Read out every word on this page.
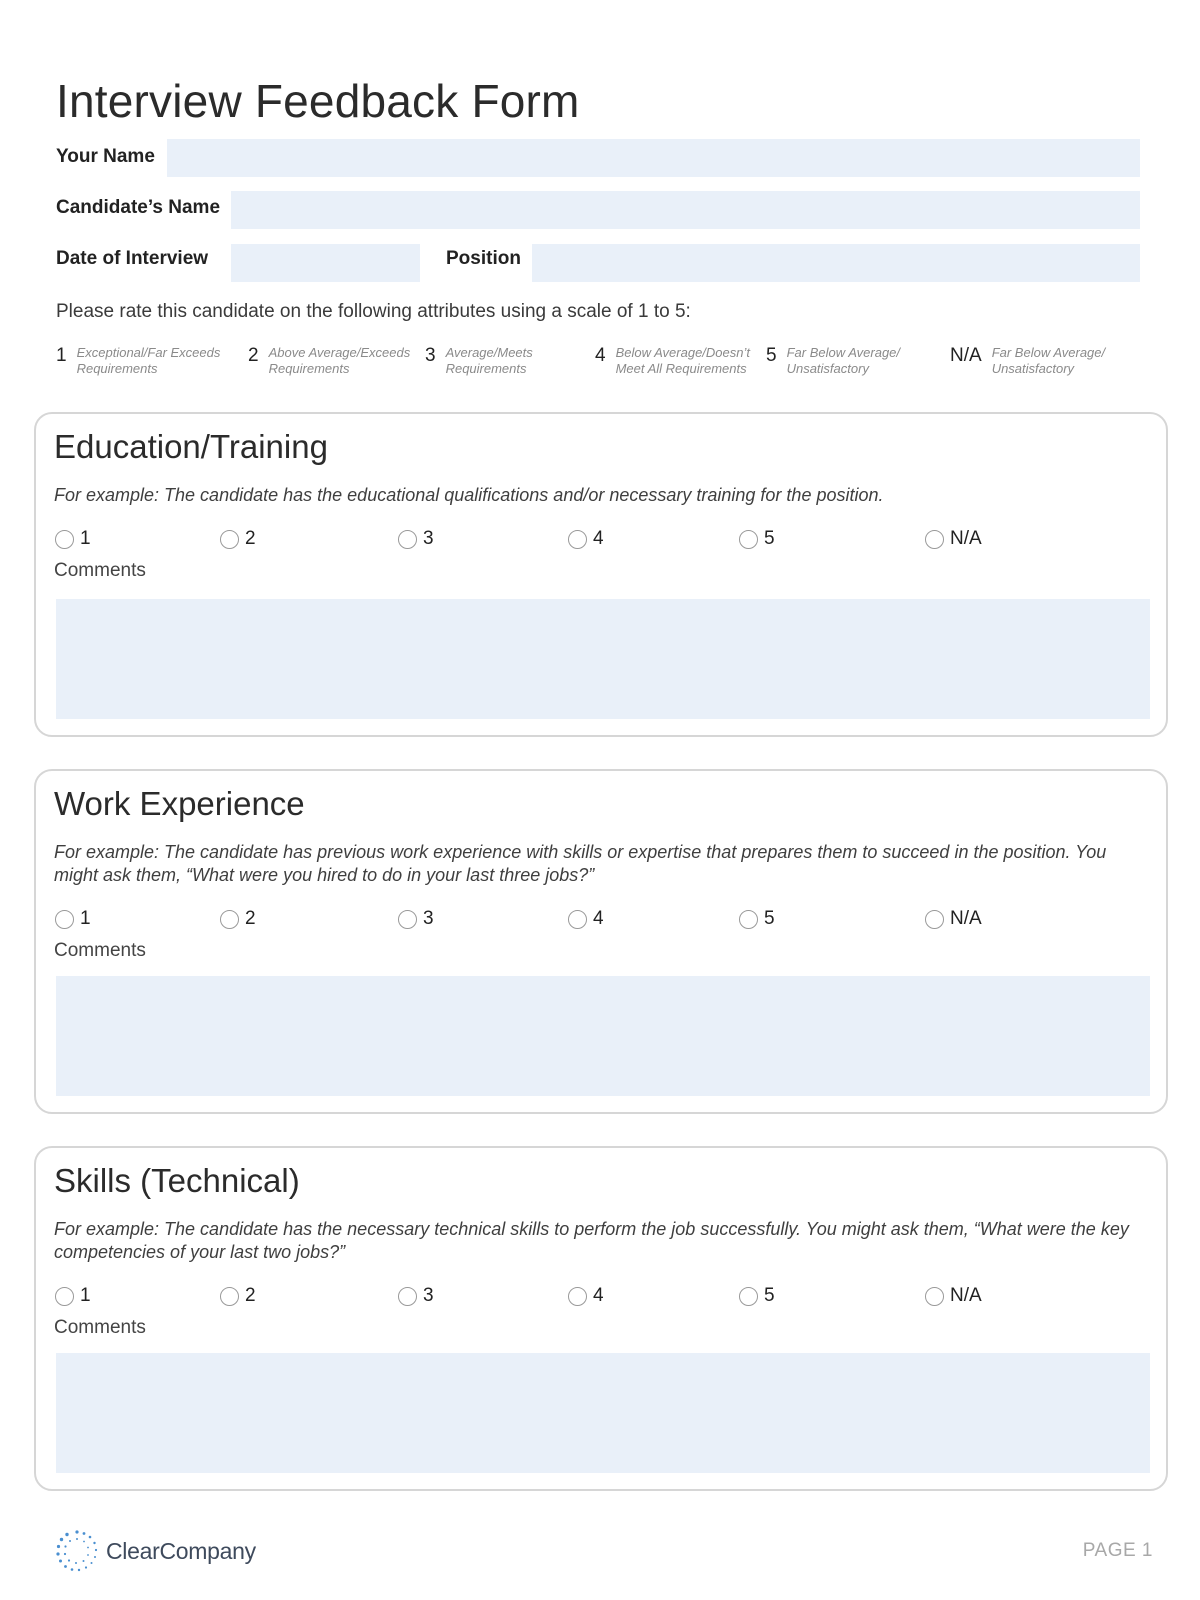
Interview Feedback Form
Your Name
Candidate’s Name
Date of Interview	Position
Please rate this candidate on the following attributes using a scale of 1 to 5:
1 Exceptional/Far Exceeds Requirements
2 Above Average/Exceeds Requirements
3 Average/Meets Requirements
4 Below Average/Doesn’t Meet All Requirements
5 Far Below Average/ Unsatisfactory
N/A Far Below Average/ Unsatisfactory
Education/Training
For example: The candidate has the educational qualifications and/or necessary training for the position.
1	2	3	4	5	N/A
Comments
Work Experience
For example: The candidate has previous work experience with skills or expertise that prepares them to succeed in the position. You might ask them, “What were you hired to do in your last three jobs?”
1	2	3	4	5	N/A
Comments
Skills (Technical)
For example: The candidate has the necessary technical skills to perform the job successfully. You might ask them, “What were the key competencies of your last two jobs?”
1	2	3	4	5	N/A
Comments
ClearCompany	PAGE 1
